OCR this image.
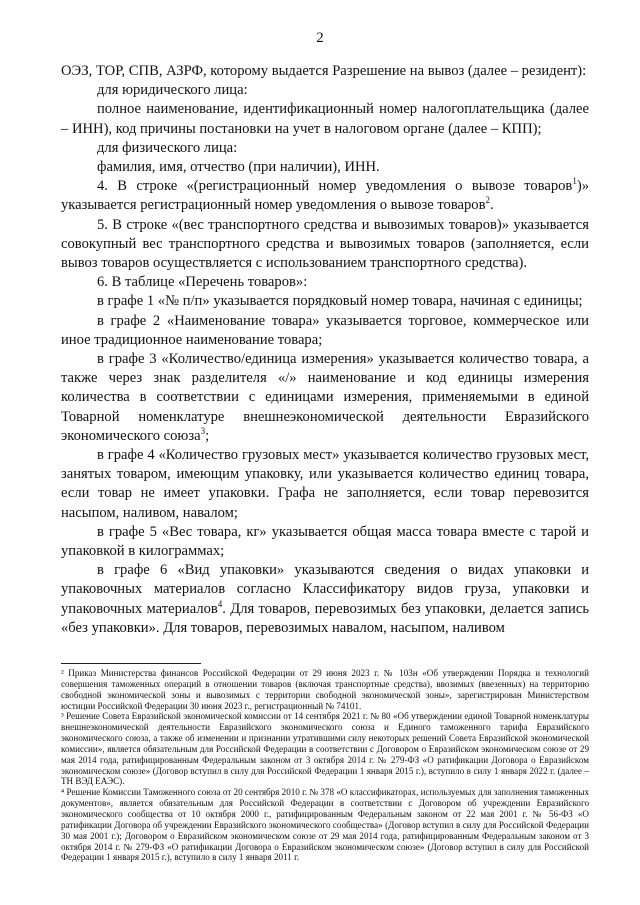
2

ОЭЗ, ТОР, СПВ, АЗРФ, которому выдается Разрешение на вывоз (далее – резидент):

для юридического лица:

полное наименование, идентификационный номер налогоплательщика (далее – ИНН), код причины постановки на учет в налоговом органе (далее – КПП);

для физического лица:

фамилия, имя, отчество (при наличии), ИНН.

4. В строке «(регистрационный номер уведомления о вывозе товаров$^1$)» указывается регистрационный номер уведомления о вывозе товаров$^2$.

5. В строке «(вес транспортного средства и вывозимых товаров)» указывается совокупный вес транспортного средства и вывозимых товаров (заполняется, если вывоз товаров осуществляется с использованием транспортного средства).

6. В таблице «Перечень товаров»:

в графе 1 «№ п/п» указывается порядковый номер товара, начиная с единицы;

в графе 2 «Наименование товара» указывается торговое, коммерческое или иное традиционное наименование товара;

в графе 3 «Количество/единица измерения» указывается количество товара, а также через знак разделителя «/» наименование и код единицы измерения количества в соответствии с единицами измерения, применяемыми в единой Товарной номенклатуре внешнеэкономической деятельности Евразийского экономического союза$^3$;

в графе 4 «Количество грузовых мест» указывается количество грузовых мест, занятых товаром, имеющим упаковку, или указывается количество единиц товара, если товар не имеет упаковки. Графа не заполняется, если товар перевозится насыпом, наливом, навалом;

в графе 5 «Вес товара, кг» указывается общая масса товара вместе с тарой и упаковкой в килограммах;

в графе 6 «Вид упаковки» указываются сведения о видах упаковки и упаковочных материалов согласно Классификатору видов груза, упаковки и упаковочных материалов$^4$. Для товаров, перевозимых без упаковки, делается запись «без упаковки». Для товаров, перевозимых навалом, насыпом, наливом

² Приказ Министерства финансов Российской Федерации от 29 июня 2023 г. № 103н «Об утверждении Порядка и технологий совершения таможенных операций в отношении товаров (включая транспортные средства), ввозимых (ввезенных) на территорию свободной экономической зоны и вывозимых с территории свободной экономической зоны», зарегистрирован Министерством юстиции Российской Федерации 30 июня 2023 г., регистрационный № 74101.

³ Решение Совета Евразийской экономической комиссии от 14 сентября 2021 г. № 80 «Об утверждении единой Товарной номенклатуры внешнеэкономической деятельности Евразийского экономического союза и Единого таможенного тарифа Евразийского экономического союза, а также об изменении и признании утратившими силу некоторых решений Совета Евразийской экономической комиссии», является обязательным для Российской Федерации в соответствии с Договором о Евразийском экономическом союзе от 29 мая 2014 года, ратифицированным Федеральным законом от 3 октября 2014 г. № 279-ФЗ «О ратификации Договора о Евразийском экономическом союзе» (Договор вступил в силу для Российской Федерации 1 января 2015 г.), вступило в силу 1 января 2022 г. (далее – ТН ВЭД ЕАЭС).

⁴ Решение Комиссии Таможенного союза от 20 сентября 2010 г. № 378 «О классификаторах, используемых для заполнения таможенных документов», является обязательным для Российской Федерации в соответствии с Договором об учреждении Евразийского экономического сообщества от 10 октября 2000 г., ратифицированным Федеральным законом от 22 мая 2001 г. № 56-ФЗ «О ратификации Договора об учреждении Евразийского экономического сообщества» (Договор вступил в силу для Российской Федерации 30 мая 2001 г.); Договором о Евразийском экономическом союзе от 29 мая 2014 года, ратифицированным Федеральным законом от 3 октября 2014 г. № 279-ФЗ «О ратификации Договора о Евразийском экономическом союзе» (Договор вступил в силу для Российской Федерации 1 января 2015 г.), вступило в силу 1 января 2011 г.
